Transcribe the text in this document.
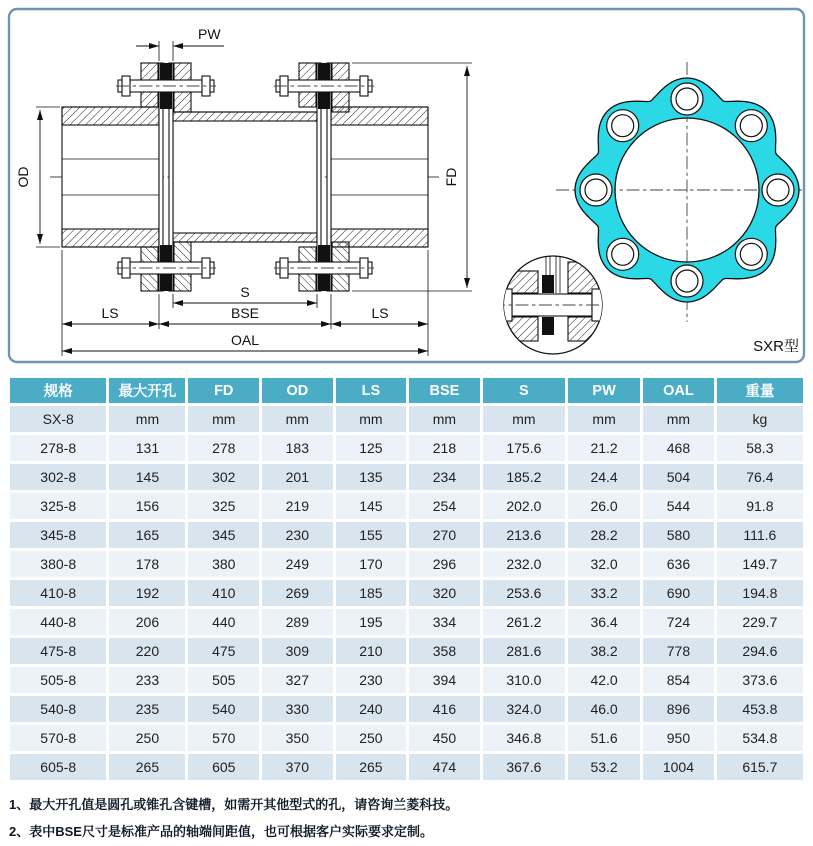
OD	FD
PW
S
BSE
LS	LS
OAL	SXR型
规格	最大开孔	FD	OD	LS	BSE	S	PW	OAL	重量
SX-8	mm	mm	mm	mm	mm	mm	mm	mm	kg
278-8	131	278	183	125	218	175.6	21.2	468	58.3
302-8	145	302	201	135	234	185.2	24.4	504	76.4
325-8	156	325	219	145	254	202.0	26.0	544	91.8
345-8	165	345	230	155	270	213.6	28.2	580	111.6
380-8	178	380	249	170	296	232.0	32.0	636	149.7
410-8	192	410	269	185	320	253.6	33.2	690	194.8
440-8	206	440	289	195	334	261.2	36.4	724	229.7
475-8	220	475	309	210	358	281.6	38.2	778	294.6
505-8	233	505	327	230	394	310.0	42.0	854	373.6
540-8	235	540	330	240	416	324.0	46.0	896	453.8
570-8	250	570	350	250	450	346.8	51.6	950	534.8
605-8	265	605	370	265	474	367.6	53.2	1004	615.7
1、最大开孔值是圆孔或锥孔含键槽，如需开其他型式的孔，请咨询兰菱科技。
2、表中BSE尺寸是标准产品的轴端间距值，也可根据客户实际要求定制。
